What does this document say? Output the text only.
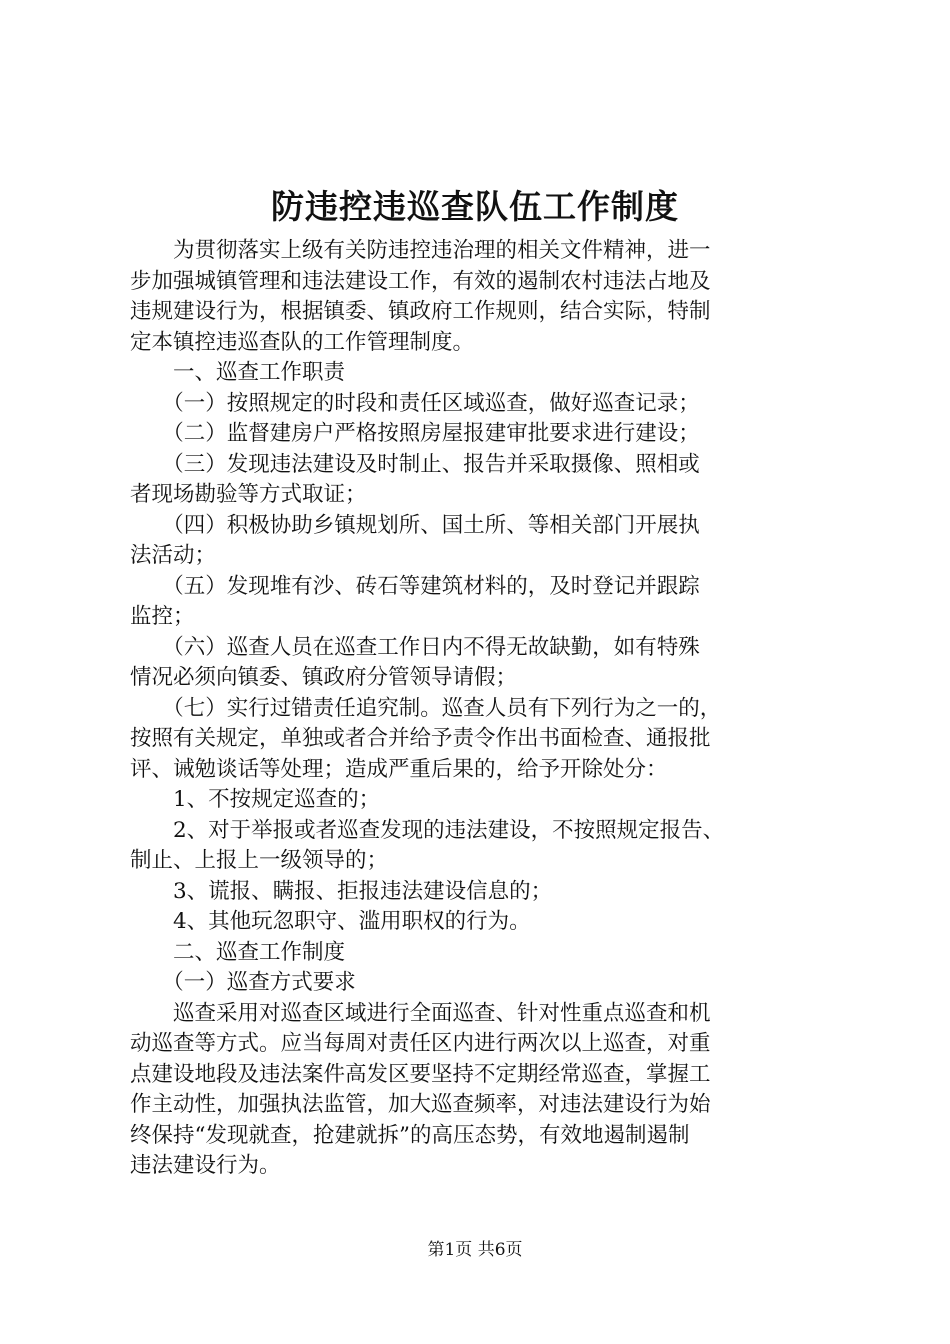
防违控违巡查队伍工作制度
　　为贯彻落实上级有关防违控违治理的相关文件精神，进一
步加强城镇管理和违法建设工作，有效的遏制农村违法占地及
违规建设行为，根据镇委、镇政府工作规则，结合实际，特制
定本镇控违巡查队的工作管理制度。
　　一、巡查工作职责
　　（一）按照规定的时段和责任区域巡查，做好巡查记录；
　　（二）监督建房户严格按照房屋报建审批要求进行建设；
　　（三）发现违法建设及时制止、报告并采取摄像、照相或
者现场勘验等方式取证；
　　（四）积极协助乡镇规划所、国土所、等相关部门开展执
法活动；
　　（五）发现堆有沙、砖石等建筑材料的，及时登记并跟踪
监控；
　　（六）巡查人员在巡查工作日内不得无故缺勤，如有特殊
情况必须向镇委、镇政府分管领导请假；
　　（七）实行过错责任追究制。巡查人员有下列行为之一的，
按照有关规定，单独或者合并给予责令作出书面检查、通报批
评、诫勉谈话等处理；造成严重后果的，给予开除处分：
　　1、不按规定巡查的；
　　2、对于举报或者巡查发现的违法建设，不按照规定报告、
制止、上报上一级领导的；
　　3、谎报、瞒报、拒报违法建设信息的；
　　4、其他玩忽职守、滥用职权的行为。
　　二、巡查工作制度
　　（一）巡查方式要求
　　巡查采用对巡查区域进行全面巡查、针对性重点巡查和机
动巡查等方式。应当每周对责任区内进行两次以上巡查，对重
点建设地段及违法案件高发区要坚持不定期经常巡查，掌握工
作主动性，加强执法监管，加大巡查频率，对违法建设行为始
终保持“发现就查，抢建就拆”的高压态势，有效地遏制遏制
违法建设行为。
第1页 共6页
